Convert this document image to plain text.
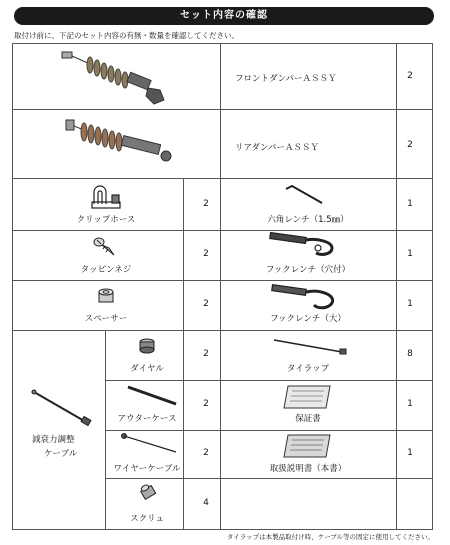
セット内容の確認
取付け前に、下記のセット内容の有無・数量を確認してください。
フロントダンパーＡＳＳＹ	2
リアダンパーＡＳＳＹ	2
クリップホース
2
六角レンチ（1.5㎜）
1
タッピンネジ
2
フックレンチ（穴付）
1
スペーサー
2
フックレンチ（大）
1
減衰力調整
ケーブル
ダイヤル
2
タイラップ
8
アウターケース
2
保証書
1
ワイヤーケーブル
2
取扱説明書（本書）
1
スクリュ
4
タイラップは本製品取付け時、ケーブル等の固定に使用してください。
